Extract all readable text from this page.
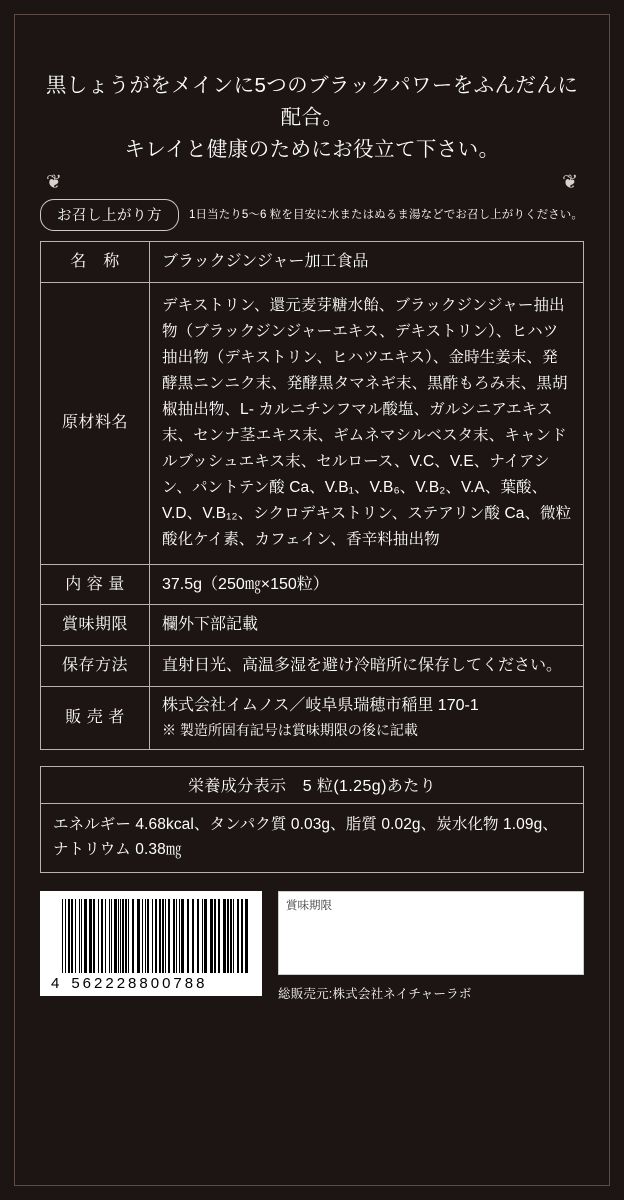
黒しょうがをメインに5つのブラックパワーをふんだんに配合。
キレイと健康のためにお役立て下さい。
❦	❦
お召し上がり方	1日当たり5〜6 粒を目安に水またはぬるま湯などでお召し上がりください。
名　称	ブラックジンジャー加工食品
原材料名	デキストリン、還元麦芽糖水飴、ブラックジンジャー抽出物（ブラックジンジャーエキス、デキストリン）、ヒハツ抽出物（デキストリン、ヒハツエキス）、金時生姜末、発酵黒ニンニク末、発酵黒タマネギ末、黒酢もろみ末、黒胡椒抽出物、L- カルニチンフマル酸塩、ガルシニアエキス末、センナ茎エキス末、ギムネマシルベスタ末、キャンドルブッシュエキス末、セルロース、V.C、V.E、ナイアシン、パントテン酸 Ca、V.B₁、V.B₆、V.B₂、V.A、葉酸、V.D、V.B₁₂、シクロデキストリン、ステアリン酸 Ca、微粒酸化ケイ素、カフェイン、香辛料抽出物
内 容 量	37.5g（250㎎×150粒）
賞味期限	欄外下部記載
保存方法	直射日光、高温多湿を避け冷暗所に保存してください。
販 売 者	株式会社イムノス／岐阜県瑞穂市稲里 170-1
※ 製造所固有記号は賞味期限の後に記載
栄養成分表示　5 粒(1.25g)あたり
エネルギー 4.68kcal、タンパク質 0.03g、脂質 0.02g、炭水化物 1.09g、ナトリウム 0.38㎎
4 562228800788
賞味期限
総販売元:株式会社ネイチャーラボ
